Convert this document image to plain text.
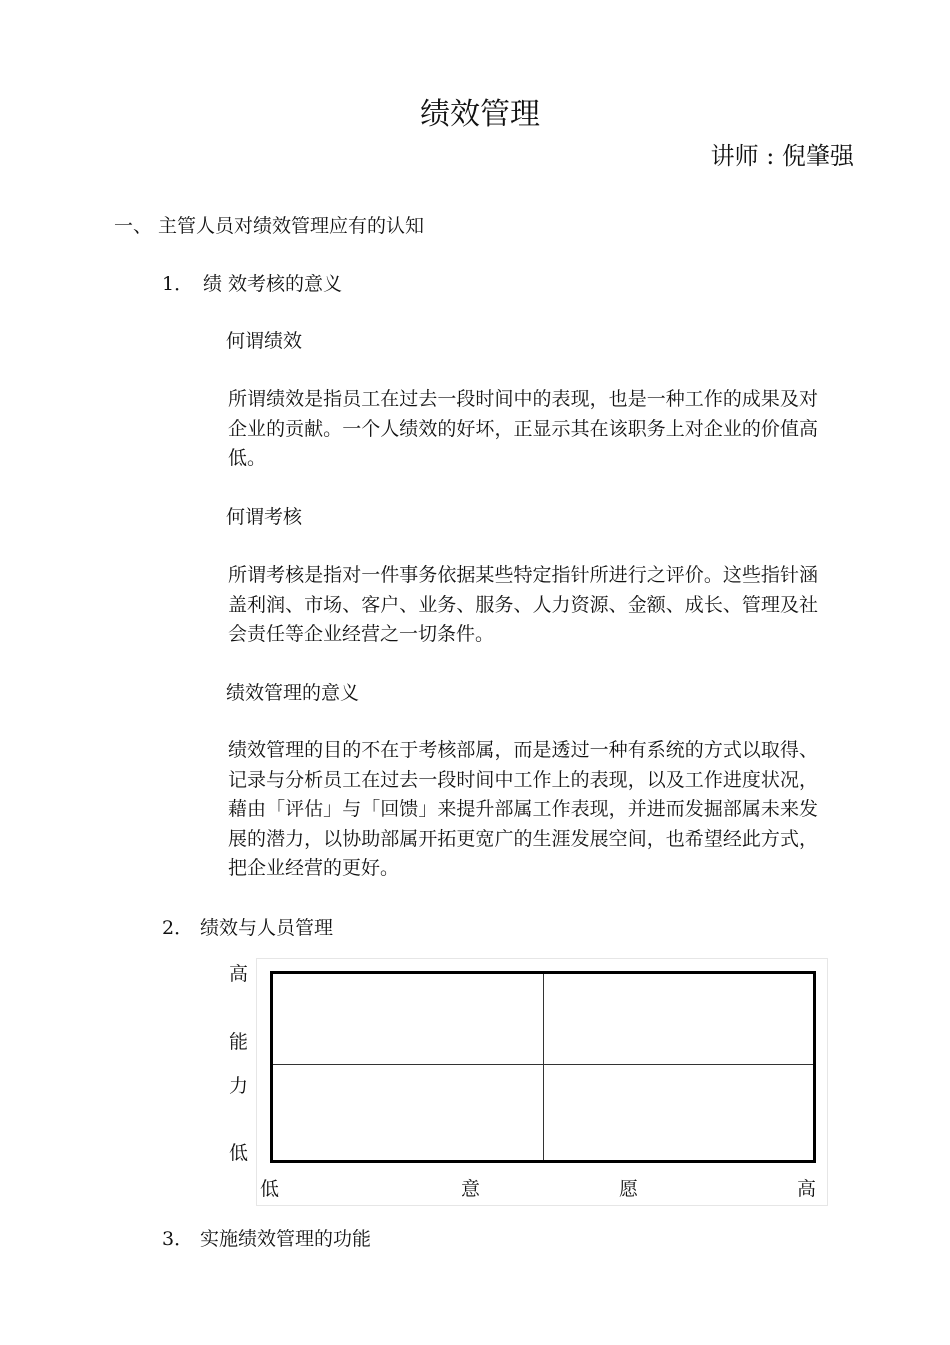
绩效管理
讲师 : 倪肇强
一、 主管人员对绩效管理应有的认知
1． 绩 效考核的意义
何谓绩效
所谓绩效是指员工在过去一段时间中的表现，也是一种工作的成果及对企业的贡献。一个人绩效的好坏，正显示其在该职务上对企业的价值高低。
何谓考核
所谓考核是指对一件事务依据某些特定指针所进行之评价。这些指针涵盖利润、市场、客户、业务、服务、人力资源、金额、成长、管理及社会责任等企业经营之一切条件。
绩效管理的意义
绩效管理的目的不在于考核部属，而是透过一种有系统的方式以取得、记录与分析员工在过去一段时间中工作上的表现，以及工作进度状况，藉由「评估」与「回馈」来提升部属工作表现，并进而发掘部属未来发展的潜力，以协助部属开拓更宽广的生涯发展空间，也希望经此方式，把企业经营的更好。
2． 绩效与人员管理
高
能
力
低
低	意	愿	高
3． 实施绩效管理的功能
